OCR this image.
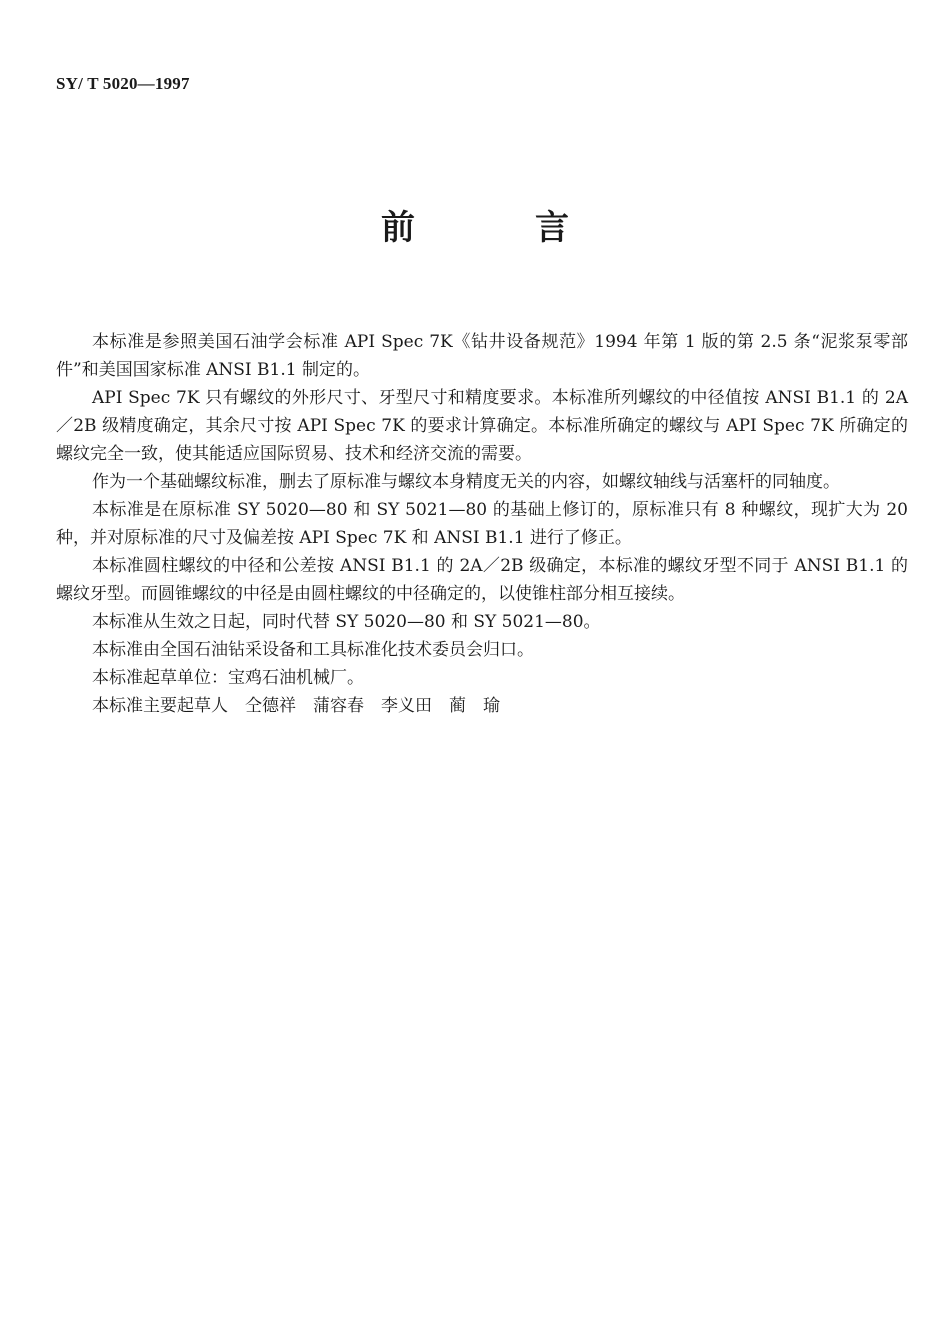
SY/ T 5020—1997
前	言

本标准是参照美国石油学会标准 API Spec 7K《钻井设备规范》1994 年第 1 版的第 2.5 条“泥浆泵零部件”和美国国家标准 ANSI B1.1 制定的。

API Spec 7K 只有螺纹的外形尺寸、牙型尺寸和精度要求。本标准所列螺纹的中径值按 ANSI B1.1 的 2A／2B 级精度确定，其余尺寸按 API Spec 7K 的要求计算确定。本标准所确定的螺纹与 API Spec 7K 所确定的螺纹完全一致，使其能适应国际贸易、技术和经济交流的需要。

作为一个基础螺纹标准，删去了原标准与螺纹本身精度无关的内容，如螺纹轴线与活塞杆的同轴度。

本标准是在原标准 SY 5020—80 和 SY 5021—80 的基础上修订的，原标准只有 8 种螺纹，现扩大为 20 种，并对原标准的尺寸及偏差按 API Spec 7K 和 ANSI B1.1 进行了修正。

本标准圆柱螺纹的中径和公差按 ANSI B1.1 的 2A／2B 级确定，本标准的螺纹牙型不同于 ANSI B1.1 的螺纹牙型。而圆锥螺纹的中径是由圆柱螺纹的中径确定的，以使锥柱部分相互接续。

本标准从生效之日起，同时代替 SY 5020—80 和 SY 5021—80。

本标准由全国石油钻采设备和工具标准化技术委员会归口。

本标准起草单位：宝鸡石油机械厂。

本标准主要起草人　仝德祥　蒲容春　李义田　蔺　瑜
